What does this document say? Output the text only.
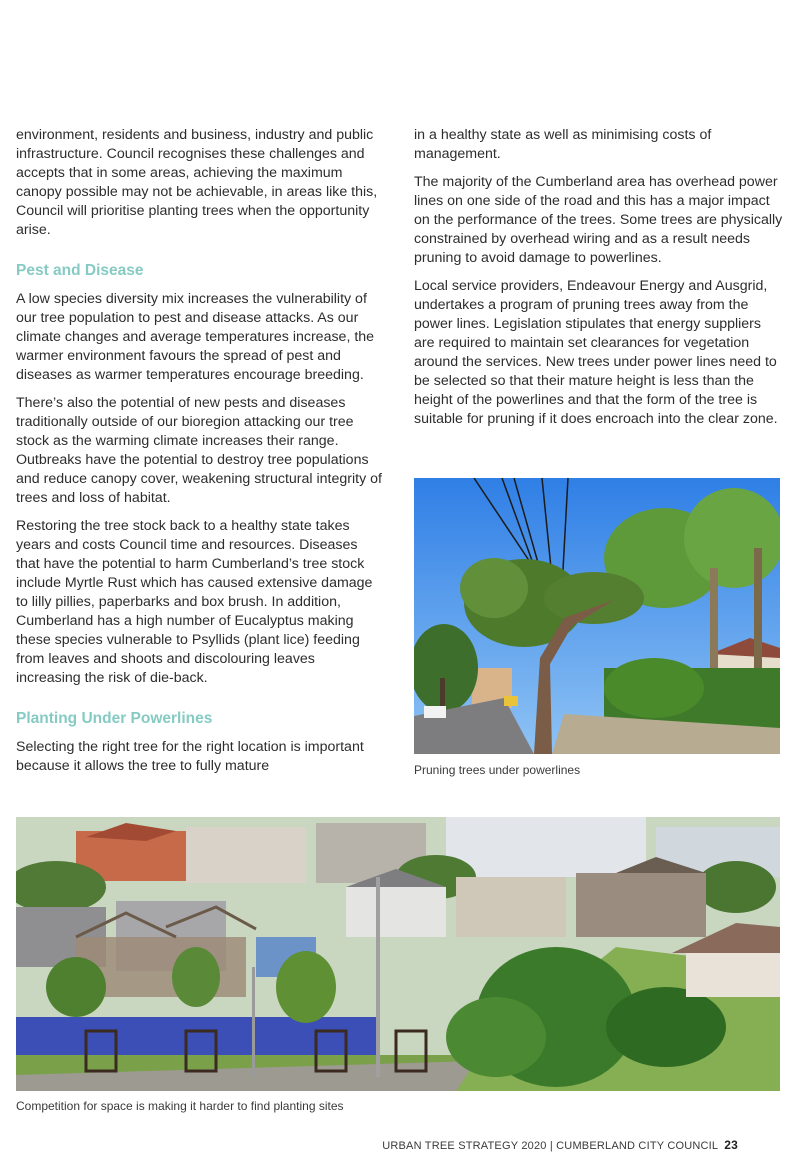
environment, residents and business, industry and public infrastructure. Council recognises these challenges and accepts that in some areas, achieving the maximum canopy possible may not be achievable, in areas like this, Council will prioritise planting trees when the opportunity arise.

Pest and Disease

A low species diversity mix increases the vulnerability of our tree population to pest and disease attacks. As our climate changes and average temperatures increase, the warmer environment favours the spread of pest and diseases as warmer temperatures encourage breeding.

There’s also the potential of new pests and diseases traditionally outside of our bioregion attacking our tree stock as the warming climate increases their range. Outbreaks have the potential to destroy tree populations and reduce canopy cover, weakening structural integrity of trees and loss of habitat.

Restoring the tree stock back to a healthy state takes years and costs Council time and resources. Diseases that have the potential to harm Cumberland’s tree stock include Myrtle Rust which has caused extensive damage to lilly pillies, paperbarks and box brush. In addition, Cumberland has a high number of Eucalyptus making these species vulnerable to Psyllids (plant lice) feeding from leaves and shoots and discolouring leaves increasing the risk of die-back.

Planting Under Powerlines

Selecting the right tree for the right location is important because it allows the tree to fully mature

in a healthy state as well as minimising costs of management.

The majority of the Cumberland area has overhead power lines on one side of the road and this has a major impact on the performance of the trees. Some trees are physically constrained by overhead wiring and as a result needs pruning to avoid damage to powerlines.

Local service providers, Endeavour Energy and Ausgrid, undertakes a program of pruning trees away from the power lines. Legislation stipulates that energy suppliers are required to maintain set clearances for vegetation around the services. New trees under power lines need to be selected so that their mature height is less than the height of the powerlines and that the form of the tree is suitable for pruning if it does encroach into the clear zone.

Pruning trees under powerlines
Competition for space is making it harder to find planting sites
URBAN TREE STRATEGY 2020 | CUMBERLAND CITY COUNCIL 23
